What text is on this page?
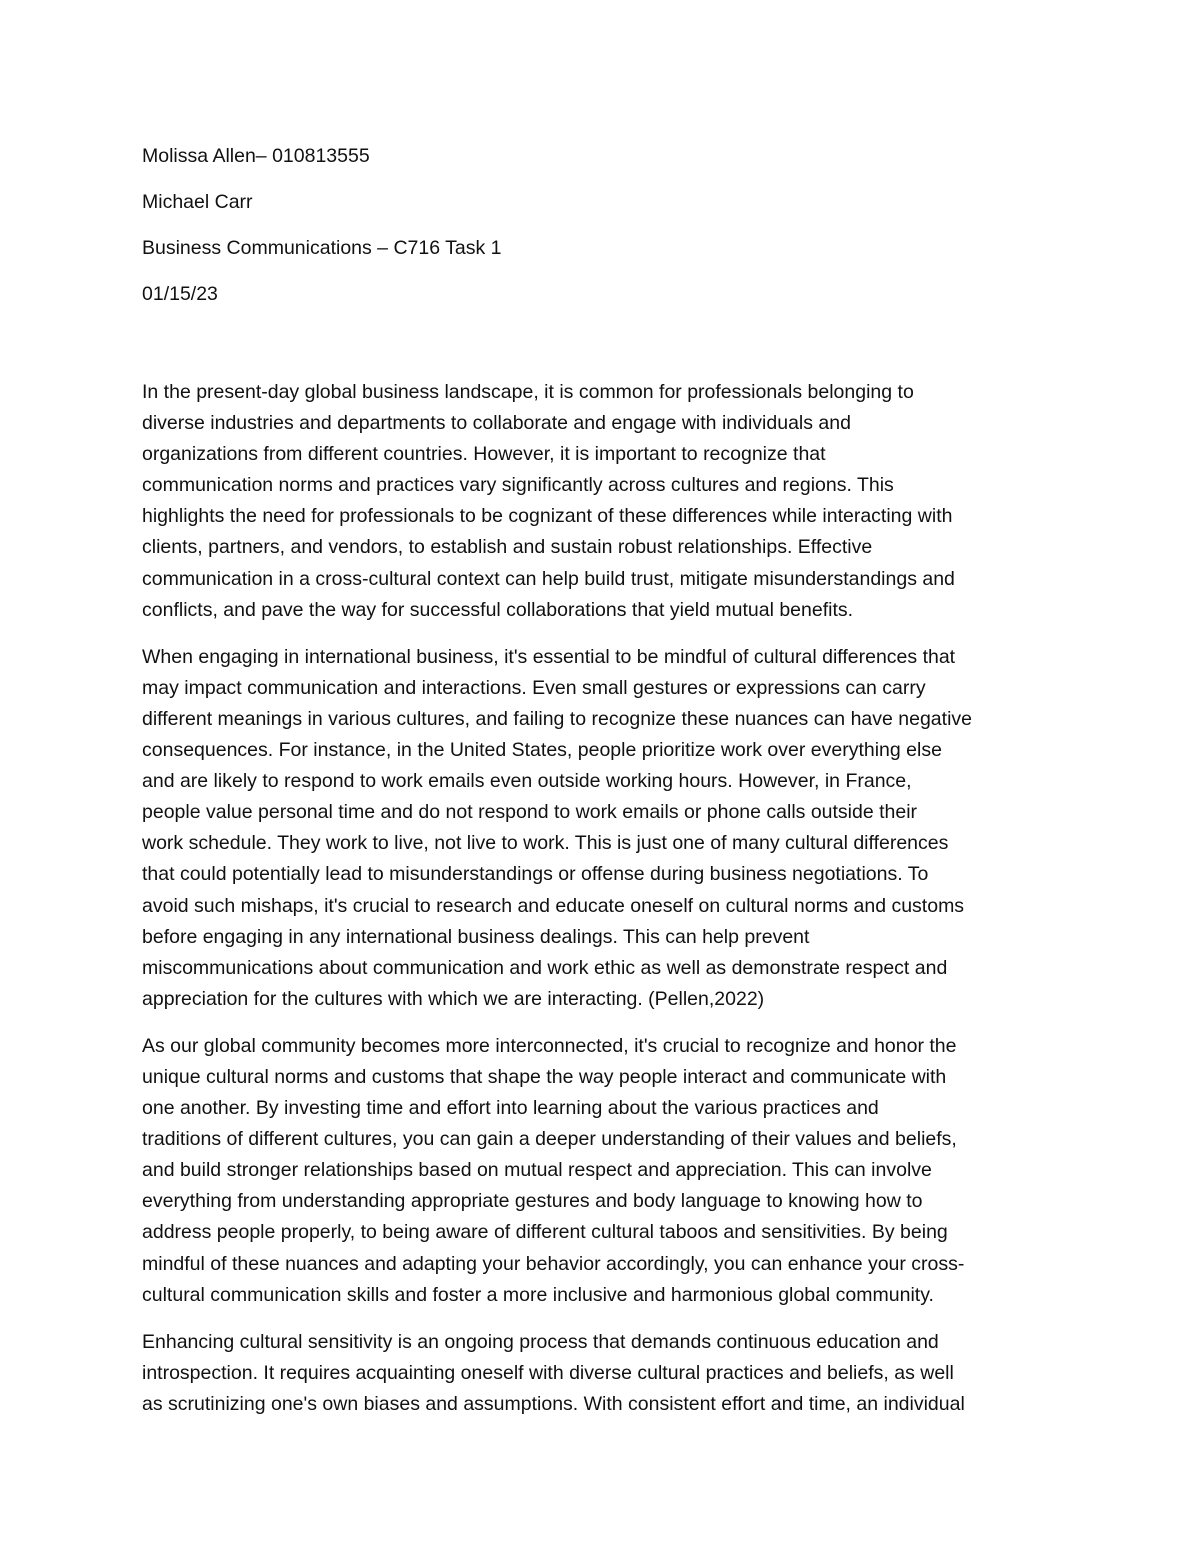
Molissa Allen– 010813555
Michael Carr
Business Communications – C716 Task 1
01/15/23
In the present-day global business landscape, it is common for professionals belonging to
diverse industries and departments to collaborate and engage with individuals and
organizations from different countries. However, it is important to recognize that
communication norms and practices vary significantly across cultures and regions. This
highlights the need for professionals to be cognizant of these differences while interacting with
clients, partners, and vendors, to establish and sustain robust relationships. Effective
communication in a cross-cultural context can help build trust, mitigate misunderstandings and
conflicts, and pave the way for successful collaborations that yield mutual benefits.
When engaging in international business, it's essential to be mindful of cultural differences that
may impact communication and interactions. Even small gestures or expressions can carry
different meanings in various cultures, and failing to recognize these nuances can have negative
consequences. For instance, in the United States, people prioritize work over everything else
and are likely to respond to work emails even outside working hours. However, in France,
people value personal time and do not respond to work emails or phone calls outside their
work schedule. They work to live, not live to work. This is just one of many cultural differences
that could potentially lead to misunderstandings or offense during business negotiations. To
avoid such mishaps, it's crucial to research and educate oneself on cultural norms and customs
before engaging in any international business dealings. This can help prevent
miscommunications about communication and work ethic as well as demonstrate respect and
appreciation for the cultures with which we are interacting. (Pellen,2022)
As our global community becomes more interconnected, it's crucial to recognize and honor the
unique cultural norms and customs that shape the way people interact and communicate with
one another. By investing time and effort into learning about the various practices and
traditions of different cultures, you can gain a deeper understanding of their values and beliefs,
and build stronger relationships based on mutual respect and appreciation. This can involve
everything from understanding appropriate gestures and body language to knowing how to
address people properly, to being aware of different cultural taboos and sensitivities. By being
mindful of these nuances and adapting your behavior accordingly, you can enhance your cross-
cultural communication skills and foster a more inclusive and harmonious global community.
Enhancing cultural sensitivity is an ongoing process that demands continuous education and
introspection. It requires acquainting oneself with diverse cultural practices and beliefs, as well
as scrutinizing one's own biases and assumptions. With consistent effort and time, an individual
